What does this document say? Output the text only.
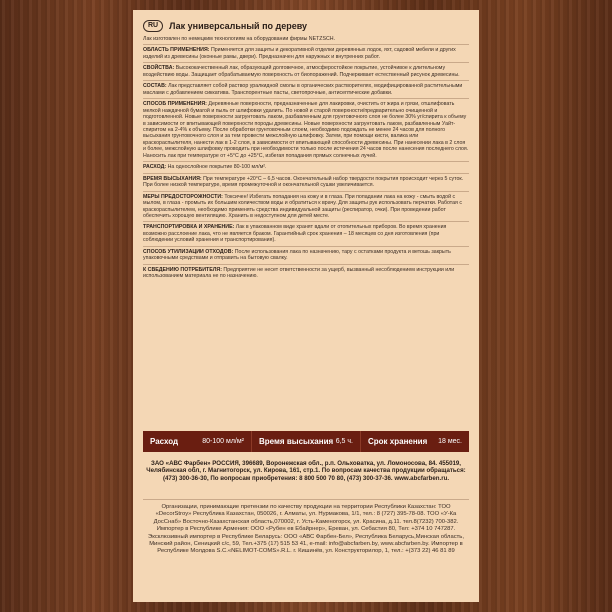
RU	Лак универсальный по дереву

Лак изготовлен по немецким технологиям на оборудовании фирмы NETZSCH.

ОБЛАСТЬ ПРИМЕНЕНИЯ: Применяется для защиты и декоративной отделки деревянных лодок, яхт, садовой мебели и других изделий из древесины (оконные рамы, двери). Предназначен для наружных и внутренних работ.

СВОЙСТВА: Высококачественный лак, образующий долговечное, атмосферостойкое покрытие, устойчивое к длительному воздействию воды. Защищает обрабатываемую поверхность от биопоражений. Подчеркивает естественный рисунок древесины.

СОСТАВ: Лак представляет собой раствор уралкидной смолы в органических растворителях, модифицированной растительными маслами с добавлением сиккатива. Транспорентные пасты, светопрочные, антисептические добавки.

СПОСОБ ПРИМЕНЕНИЯ: Деревянные поверхности, предназначенные для лакировки, очистить от жира и грязи, отшлифовать мелкой наждачной бумагой и пыль от шлифовки удалить. По новой и старой поверхности/предварительно очищенной и подготовленной. Новые поверхности загрунтовать лаком, разбавленным для грунтовочного слоя не более 30% уг/спирита к объему в зависимости от впитывающей поверхности породы древесины. Новые поверхности загрунтовать лаком, разбавленным Уайт-спиритом на 2-4% к объему. После обработки грунтовочным слоем, необходимо подождать не менее 24 часов для полного высыхания грунтовочного слоя и за тем провести межслойную шлифовку. Затем, при помощи кисти, валика или краскораспылителя, нанести лак в 1-2 слоя, в зависимости от впитывающей способности древесины. При нанесении лака в 2 слоя и более, межслойную шлифовку проводить при необходимости только после истечения 24 часов после нанесения последнего слоя. Наносить лак при температуре от +5°С до +25°С, избегая попадания прямых солнечных лучей.

РАСХОД: На однослойное покрытие 80-100 мл/м².

ВРЕМЯ ВЫСЫХАНИЯ: При температуре +20°С – 6,5 часов. Окончательный набор твердости покрытия происходит через 5 суток. При более низкой температуре, время промежуточной и окончательной сушки увеличивается.

МЕРЫ ПРЕДОСТОРОЖНОСТИ: Токсичен! Избегать попадания на кожу и в глаза. При попадании лака на кожу - смыть водой с мылом, в глаза - промыть их большим количеством воды и обратиться к врачу. Для защиты рук использовать перчатки. Работая с краскораспылителем, необходимо применять средства индивидуальной защиты (респиратор, очки). При проведении работ обеспечить хорошую вентиляцию. Хранить в недоступном для детей месте.

ТРАНСПОРТИРОВКА И ХРАНЕНИЕ: Лак в упакованном виде хранят вдали от отопительных приборов. Во время хранения возможно расслоение лака, что не является браком. Гарантийный срок хранения – 18 месяцев со дня изготовления (при соблюдении условий хранения и транспортирования).

СПОСОБ УТИЛИЗАЦИИ ОТХОДОВ: После использования лака по назначению, тару с остатками продукта и ветошь закрыть упаковочными средствами и отправить на бытовую свалку.

К СВЕДЕНИЮ ПОТРЕБИТЕЛЯ: Предприятие не несет ответственности за ущерб, вызванный несоблюдением инструкции или использованием материала не по назначению.

Расход	80-100 мл/м² Время высыхания 6,5 ч. Срок хранения 18 мес.
ЗАО «АВС Фарбен» РОССИЯ, 396689, Воронежская обл., р.п. Ольховатка, ул. Ломоносова, 84. 455019, Челябинская обл, г. Магнитогорск, ул. Кирова, 161, стр.1. По вопросам качества продукции обращаться: (473) 300-36-30, По вопросам приобретения: 8 800 500 70 80, (473) 300-37-36. www.abcfarben.ru.
Организации, принимающие претензии по качеству продукции на территории Республики Казахстан: ТОО «DecorStroy» Республика Казахстан, 050026, г. Алматы, ул. Нурмакова, 1/1, тел.: 8 (727) 395-78-08. ТОО «У-Ка ДосСнаб» Восточно-Казахстанская область,070002, г. Усть-Каменогорск, ул. Красина, д.11. тел.8(7232) 700-382. Импортер в Республике Армения: ООО «Рубен ев Ебайрнер», Ереван, ул. Себастия 80, Тел: +374 10 747287. Эксклюзивный импортер в Республике Беларусь: ООО «АВС Фарбен-Бел», Республика Беларусь,Минская область, Минский район, Сеницкий с/с, 59, Тел.+375 (17) 515 53 41, e-mail: info@abcfarben.by, www.abcfarben.by. Импортер в Республике Молдова S.C.«NELIMOT-COMS».R.L. г. Кишинёв, ул. Конструкторилор, 1, тел.: +(373 22) 46 81 89
